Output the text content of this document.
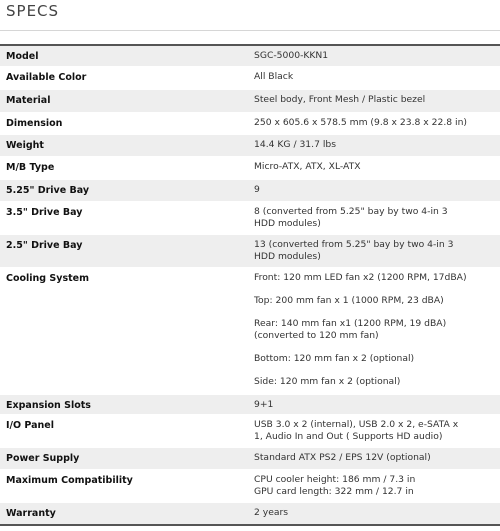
SPECS
Model	SGC-5000-KKN1
Available Color	All Black
Material	Steel body, Front Mesh / Plastic bezel
Dimension	250 x 605.6 x 578.5 mm (9.8 x 23.8 x 22.8 in)
Weight	14.4 KG / 31.7 lbs
M/B Type	Micro-ATX, ATX, XL-ATX
5.25" Drive Bay	9
3.5" Drive Bay	8 (converted from 5.25" bay by two 4-in 3
HDD modules)
2.5" Drive Bay	13 (converted from 5.25" bay by two 4-in 3
HDD modules)
Cooling System	Front: 120 mm LED fan x2 (1200 RPM, 17dBA)
Top: 200 mm fan x 1 (1000 RPM, 23 dBA)
Rear: 140 mm fan x1 (1200 RPM, 19 dBA)
(converted to 120 mm fan)
Bottom: 120 mm fan x 2 (optional)
Side: 120 mm fan x 2 (optional)
Expansion Slots	9+1
I/O Panel	USB 3.0 x 2 (internal), USB 2.0 x 2, e-SATA x
1, Audio In and Out ( Supports HD audio)
Power Supply	Standard ATX PS2 / EPS 12V (optional)
Maximum Compatibility	CPU cooler height: 186 mm / 7.3 in
GPU card length: 322 mm / 12.7 in
Warranty	2 years
